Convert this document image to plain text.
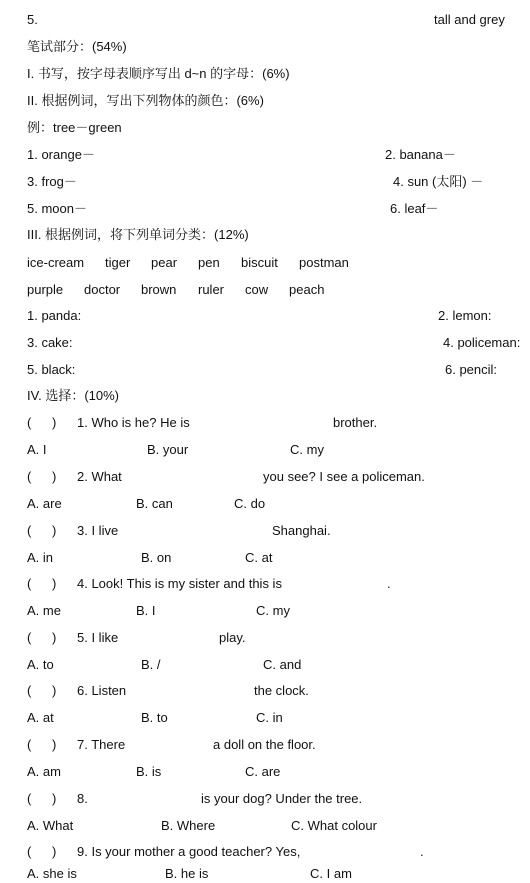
5.	tall and grey
笔试部分：(54%)
I. 书写，按字母表顺序写出 d~n 的字母：(6%)
II. 根据例词，写出下列物体的颜色：(6%)
例：tree－green
1. orange－	2. banana－
3. frog－	4. sun (太阳) －
5. moon－	6. leaf－
III. 根据例词，将下列单词分类：(12%)
ice-cream tiger pear pen biscuit postman
purple doctor brown ruler cow peach
1. panda:	2. lemon:
3. cake:	4. policeman:
5. black:	6. pencil:
IV. 选择：(10%)
( ) 1. Who is he? He is	brother.
A. I	B. your	C. my
( ) 2. What	you see? I see a policeman.
A. are	B. can	C. do
( ) 3. I live	Shanghai.
A. in	B. on	C. at
( ) 4. Look! This is my sister and this is	.
A. me	B. I	C. my
( ) 5. I like	play.
A. to	B. /	C. and
( ) 6. Listen	the clock.
A. at	B. to	C. in
( ) 7. There	a doll on the floor.
A. am	B. is	C. are
( ) 8.	is your dog? Under the tree.
A. What	B. Where	C. What colour
( ) 9. Is your mother a good teacher? Yes,	.
A. she is	B. he is	C. I am
